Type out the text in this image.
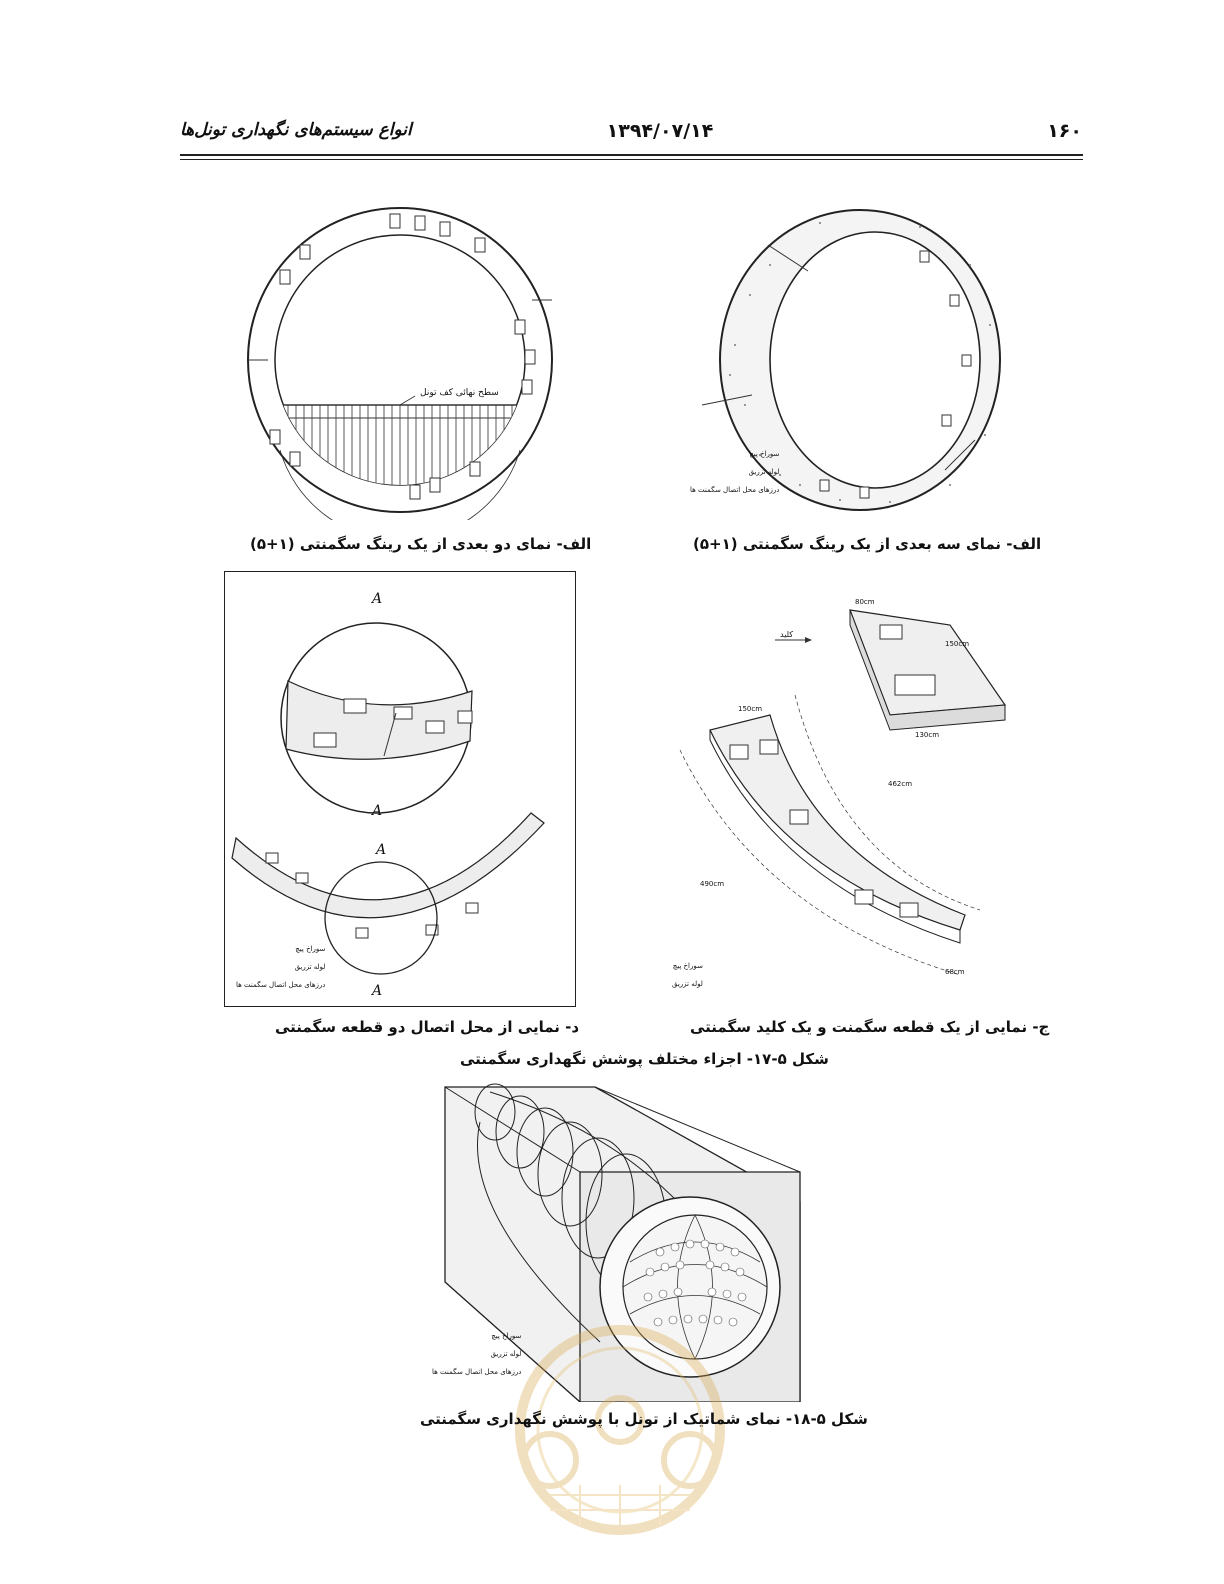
انواع سیستم‌های نگهداری تونل‌ها	۱۳۹۴/۰۷/۱۴	۱۶۰
سطح نهائی کف تونل
سوراخ پیچ
لوله تزریق
درزهای محل اتصال سگمنت ها
الف- نمای دو بعدی از یک رینگ سگمنتی (۱+۵)	الف- نمای سه بعدی از یک رینگ سگمنتی (۱+۵)
A
A
A
A
سوراخ پیچ
لوله تزریق
درزهای محل اتصال سگمنت ها
کلید
80cm
150cm
130cm
150cm
462cm
490cm
68cm
سوراخ پیچ
لوله تزریق
د- نمایی از محل اتصال دو قطعه سگمنتی	ج- نمایی از یک قطعه سگمنت و یک کلید سگمنتی
شکل ۵-۱۷- اجزاء مختلف پوشش نگهداری سگمنتی
سوراخ پیچ
لوله تزریق
درزهای محل اتصال سگمنت ها
شکل ۵-۱۸- نمای شماتیک از تونل با پوشش نگهداری سگمنتی
